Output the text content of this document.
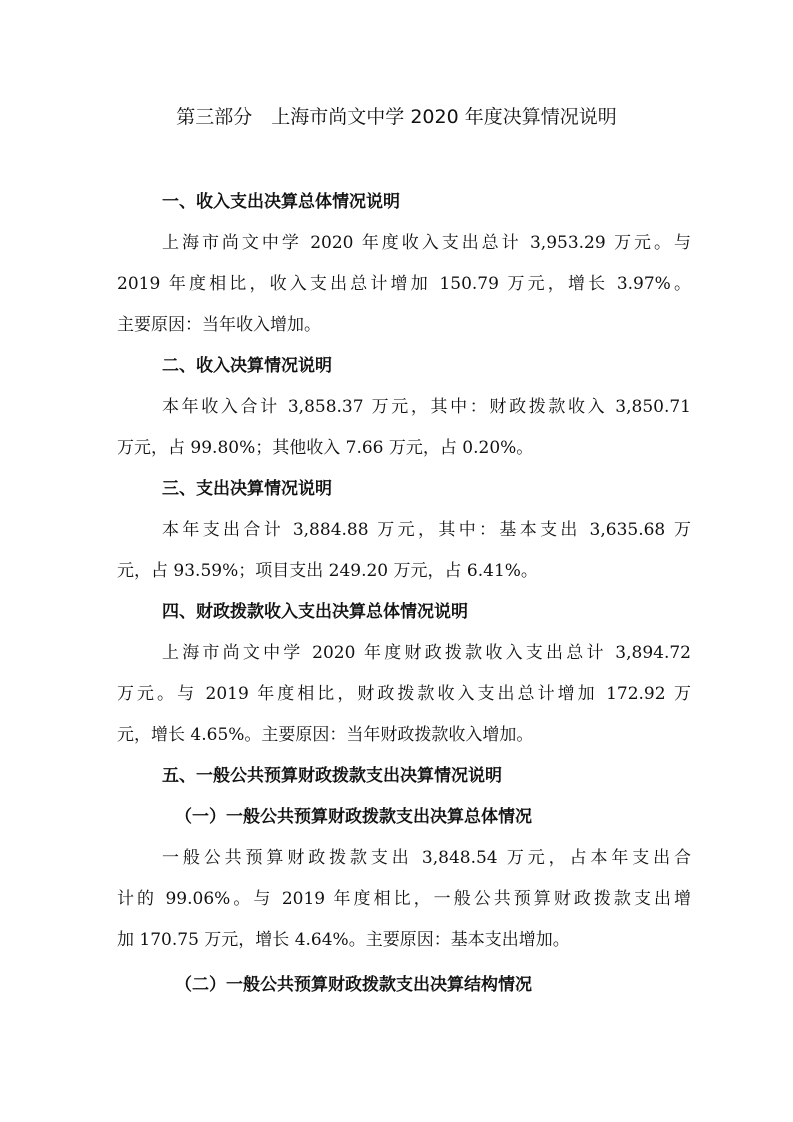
第三部分　上海市尚文中学 2020 年度决算情况说明
一、收入支出决算总体情况说明
上海市尚文中学 2020 年度收入支出总计 3,953.29 万元。与
2019 年度相比，收入支出总计增加 150.79 万元，增长 3.97%。
主要原因：当年收入增加。
二、收入决算情况说明
本年收入合计 3,858.37 万元，其中：财政拨款收入 3,850.71
万元，占 99.80%；其他收入 7.66 万元，占 0.20%。
三、支出决算情况说明
本年支出合计 3,884.88 万元，其中：基本支出 3,635.68 万
元，占 93.59%；项目支出 249.20 万元，占 6.41%。
四、财政拨款收入支出决算总体情况说明
上海市尚文中学 2020 年度财政拨款收入支出总计 3,894.72
万元。与 2019 年度相比，财政拨款收入支出总计增加 172.92 万
元，增长 4.65%。主要原因：当年财政拨款收入增加。
五、一般公共预算财政拨款支出决算情况说明
（一）一般公共预算财政拨款支出决算总体情况
一般公共预算财政拨款支出 3,848.54 万元，占本年支出合
计的 99.06%。与 2019 年度相比，一般公共预算财政拨款支出增
加 170.75 万元，增长 4.64%。主要原因：基本支出增加。
（二）一般公共预算财政拨款支出决算结构情况
